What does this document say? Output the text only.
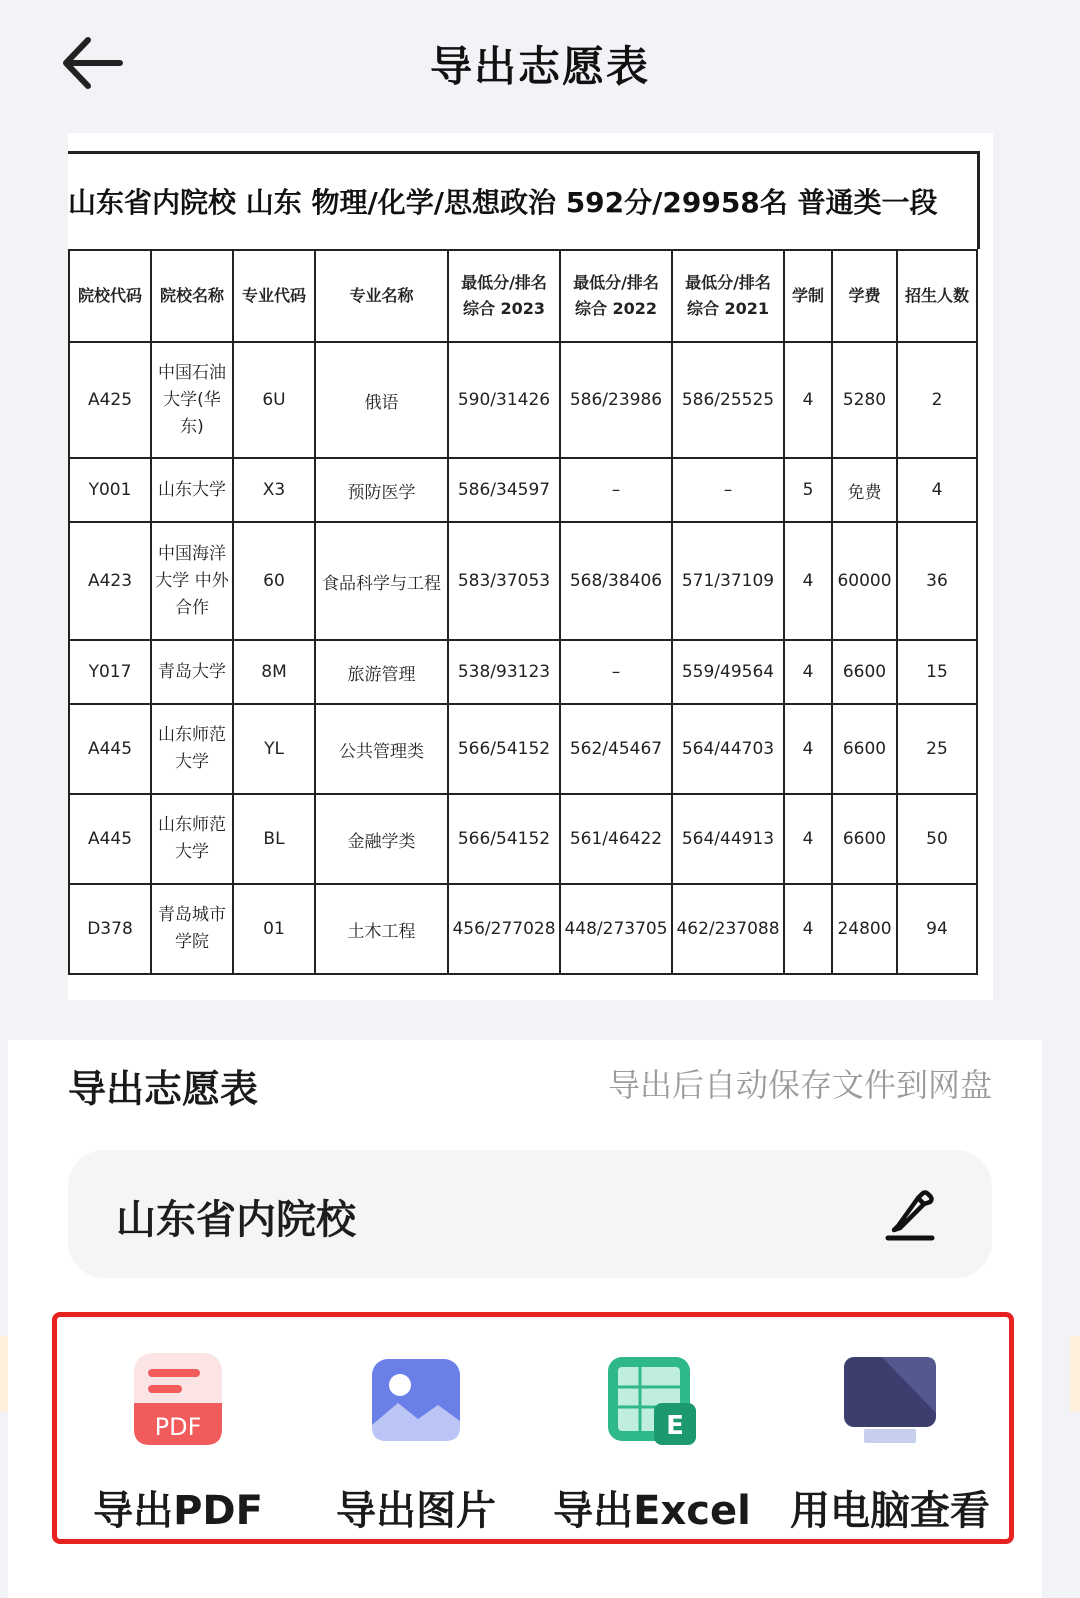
导出志愿表
山东省内院校 山东 物理/化学/思想政治 592分/29958名 普通类一段
	院校代码	院校名称	专业代码	专业名称	最低分/排名 综合 2023	最低分/排名 综合 2022	最低分/排名 综合 2021	学制	学费	招生人数
	A425	中国石油大学(华东)	6U	俄语	590/31426	586/23986	586/25525	4	5280	2
	Y001	山东大学	X3	预防医学	586/34597	–	–	5	免费	4
	A423	中国海洋大学 中外合作	60	食品科学与工程	583/37053	568/38406	571/37109	4	60000	36
	Y017	青岛大学	8M	旅游管理	538/93123	–	559/49564	4	6600	15
	A445	山东师范大学	YL	公共管理类	566/54152	562/45467	564/44703	4	6600	25
	A445	山东师范大学	BL	金融学类	566/54152	561/46422	564/44913	4	6600	50
	D378	青岛城市学院	01	土木工程	456/277028	448/273705	462/237088	4	24800	94
导出志愿表	导出后自动保存文件到网盘
山东省内院校
PDF
导出PDF	导出图片
E
导出Excel 用电脑查看
